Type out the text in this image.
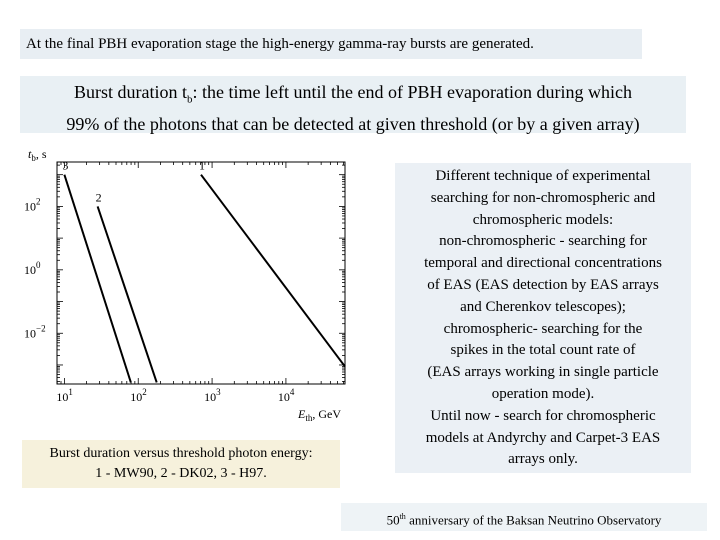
At the final PBH evaporation stage the high-energy gamma-ray bursts are generated.
Burst duration $t_b$: the time left until the end of PBH evaporation during which
99% of the photons that can be detected at given threshold (or by a given array)
$t_b$, s
$10^1$	$10^2$	$10^3$	$10^4$
$10^2$
$10^0$
$10^{-2}$
1
2
3
$E_{th}$, GeV
Burst duration versus threshold photon energy:
1 - MW90, 2 - DK02, 3 - H97.
Different technique of experimental
searching for non-chromospheric and
chromospheric models:
non-chromospheric - searching for
temporal and directional concentrations
of EAS (EAS detection by EAS arrays
and Cherenkov telescopes);
chromospheric- searching for the
spikes in the total count rate of
(EAS arrays working in single particle
operation mode).
Until now - search for chromospheric
models at Andyrchy and Carpet-3 EAS
arrays only.
50th anniversary of the Baksan Neutrino Observatory
